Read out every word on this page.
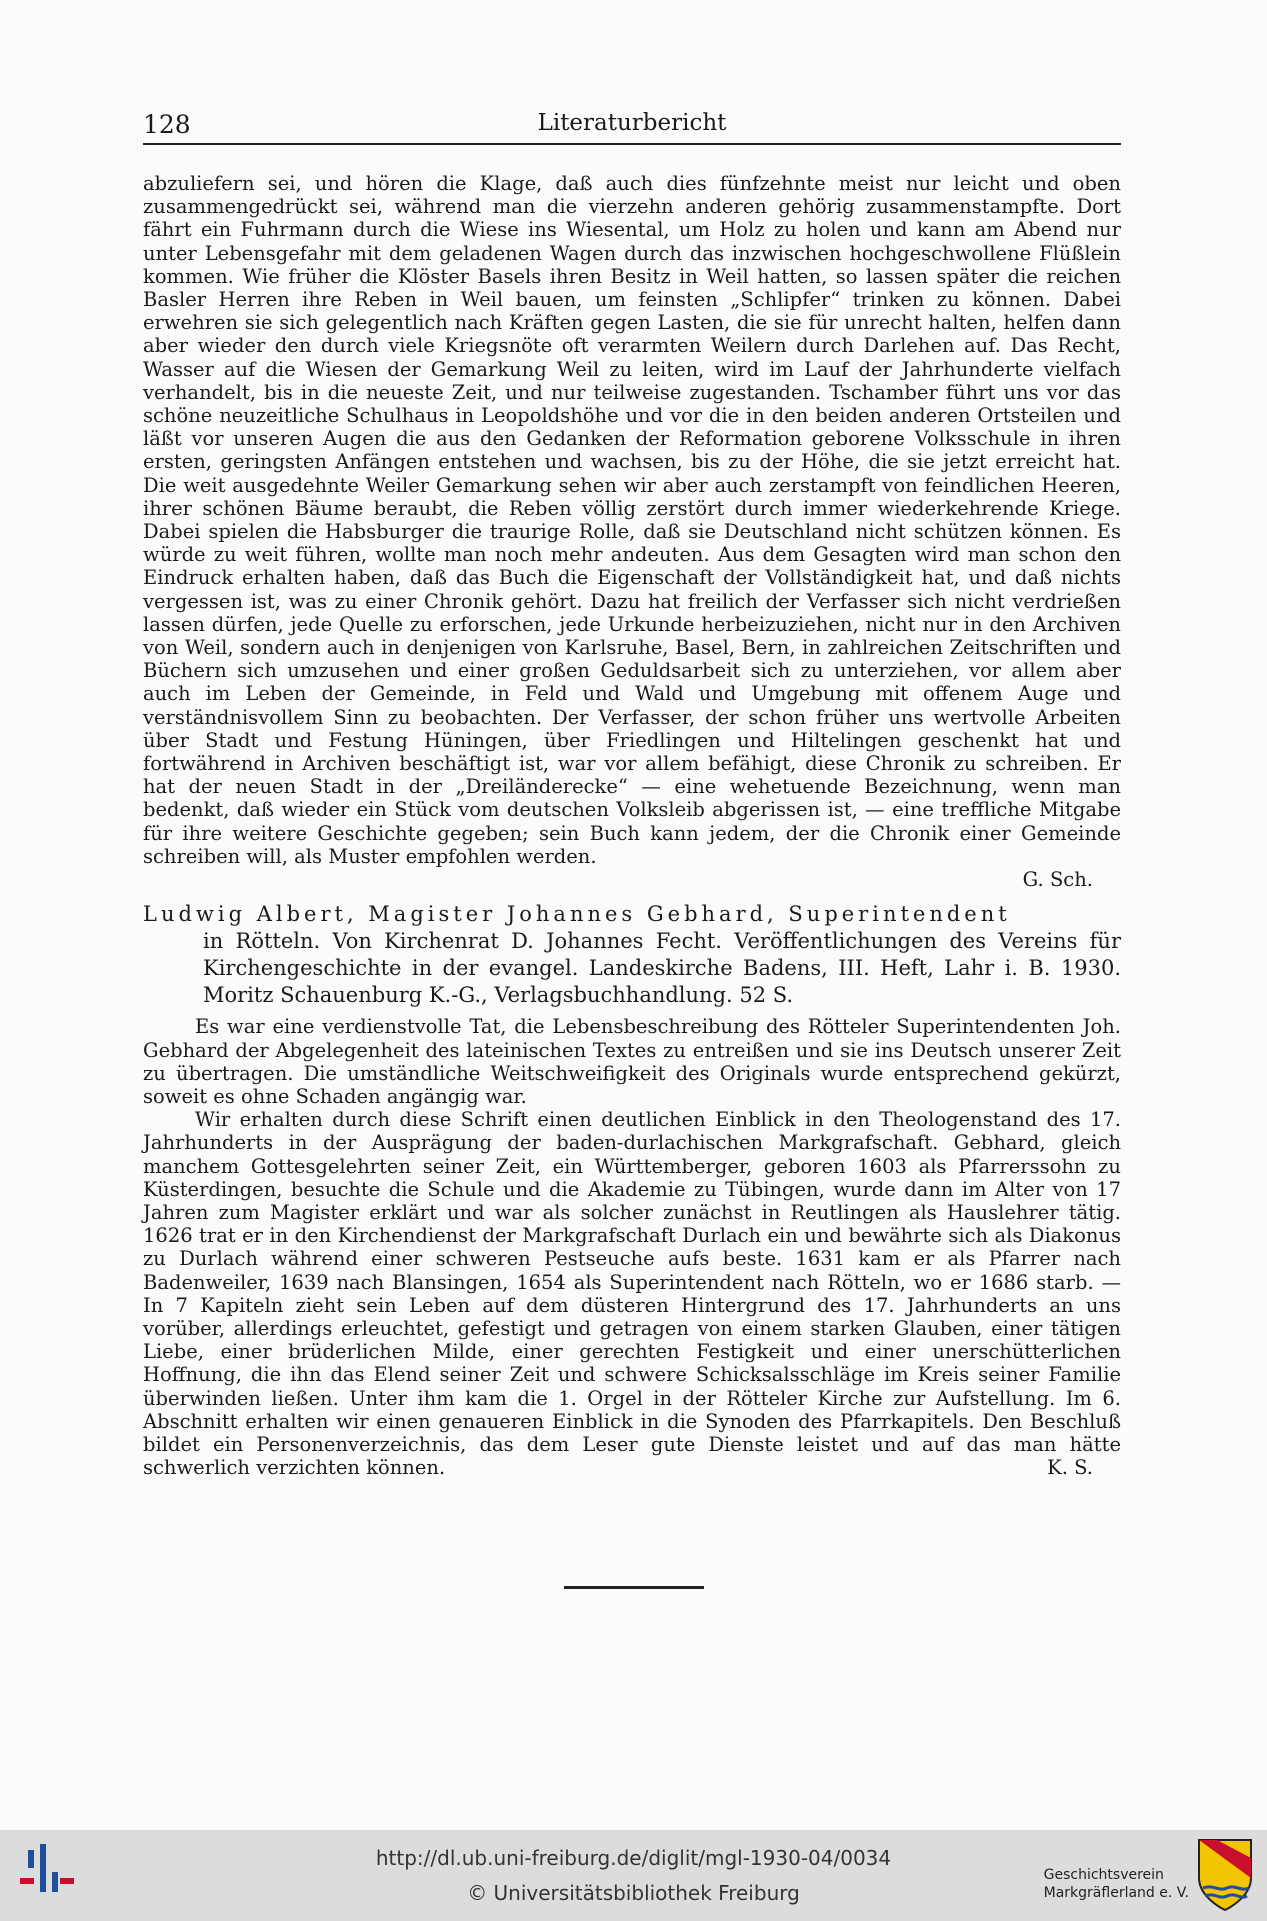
128	Literaturbericht

abzuliefern sei, und hören die Klage, daß auch dies fünfzehnte meist nur leicht und oben zusammengedrückt sei, während man die vierzehn anderen gehörig zusammenstampfte. Dort fährt ein Fuhrmann durch die Wiese ins Wiesental, um Holz zu holen und kann am Abend nur unter Lebensgefahr mit dem geladenen Wagen durch das inzwischen hochgeschwollene Flüßlein kommen. Wie früher die Klöster Basels ihren Besitz in Weil hatten, so lassen später die reichen Basler Herren ihre Reben in Weil bauen, um feinsten „Schlipfer“ trinken zu können. Dabei erwehren sie sich gelegentlich nach Kräften gegen Lasten, die sie für unrecht halten, helfen dann aber wieder den durch viele Kriegsnöte oft verarmten Weilern durch Darlehen auf. Das Recht, Wasser auf die Wiesen der Gemarkung Weil zu leiten, wird im Lauf der Jahrhunderte vielfach verhandelt, bis in die neueste Zeit, und nur teilweise zugestanden. Tschamber führt uns vor das schöne neuzeitliche Schulhaus in Leopoldshöhe und vor die in den beiden anderen Ortsteilen und läßt vor unseren Augen die aus den Gedanken der Reformation geborene Volksschule in ihren ersten, geringsten Anfängen entstehen und wachsen, bis zu der Höhe, die sie jetzt erreicht hat. Die weit ausgedehnte Weiler Gemarkung sehen wir aber auch zerstampft von feindlichen Heeren, ihrer schönen Bäume beraubt, die Reben völlig zerstört durch immer wiederkehrende Kriege. Dabei spielen die Habsburger die traurige Rolle, daß sie Deutschland nicht schützen können. Es würde zu weit führen, wollte man noch mehr andeuten. Aus dem Gesagten wird man schon den Eindruck erhalten haben, daß das Buch die Eigenschaft der Vollständigkeit hat, und daß nichts vergessen ist, was zu einer Chronik gehört. Dazu hat freilich der Verfasser sich nicht verdrießen lassen dürfen, jede Quelle zu erforschen, jede Urkunde herbeizuziehen, nicht nur in den Archiven von Weil, sondern auch in denjenigen von Karlsruhe, Basel, Bern, in zahlreichen Zeitschriften und Büchern sich umzusehen und einer großen Geduldsarbeit sich zu unterziehen, vor allem aber auch im Leben der Gemeinde, in Feld und Wald und Umgebung mit offenem Auge und verständnisvollem Sinn zu beobachten. Der Verfasser, der schon früher uns wertvolle Arbeiten über Stadt und Festung Hüningen, über Friedlingen und Hiltelingen geschenkt hat und fortwährend in Archiven beschäftigt ist, war vor allem befähigt, diese Chronik zu schreiben. Er hat der neuen Stadt in der „Dreiländerecke“ — eine wehetuende Bezeichnung, wenn man bedenkt, daß wieder ein Stück vom deutschen Volksleib abgerissen ist, — eine treffliche Mitgabe für ihre weitere Geschichte gegeben; sein Buch kann jedem, der die Chronik einer Gemeinde schreiben will, als Muster empfohlen werden.

G. Sch.

Ludwig Albert, Magister Johannes Gebhard, Superintendent

in Rötteln. Von Kirchenrat D. Johannes Fecht. Veröffentlichungen des Vereins für Kirchengeschichte in der evangel. Landeskirche Badens, III. Heft, Lahr i. B. 1930. Moritz Schauenburg K.-G., Verlagsbuchhandlung. 52 S.

Es war eine verdienstvolle Tat, die Lebensbeschreibung des Rötteler Superintendenten Joh. Gebhard der Abgelegenheit des lateinischen Textes zu entreißen und sie ins Deutsch unserer Zeit zu übertragen. Die umständliche Weitschweifigkeit des Originals wurde entsprechend gekürzt, soweit es ohne Schaden angängig war.

Wir erhalten durch diese Schrift einen deutlichen Einblick in den Theologenstand des 17. Jahrhunderts in der Ausprägung der baden-durlachischen Markgrafschaft. Gebhard, gleich manchem Gottesgelehrten seiner Zeit, ein Württemberger, geboren 1603 als Pfarrerssohn zu Küsterdingen, besuchte die Schule und die Akademie zu Tübingen, wurde dann im Alter von 17 Jahren zum Magister erklärt und war als solcher zunächst in Reutlingen als Hauslehrer tätig. 1626 trat er in den Kirchendienst der Markgrafschaft Durlach ein und bewährte sich als Diakonus zu Durlach während einer schweren Pestseuche aufs beste. 1631 kam er als Pfarrer nach Badenweiler, 1639 nach Blansingen, 1654 als Superintendent nach Rötteln, wo er 1686 starb. — In 7 Kapiteln zieht sein Leben auf dem düsteren Hintergrund des 17. Jahrhunderts an uns vorüber, allerdings erleuchtet, gefestigt und getragen von einem starken Glauben, einer tätigen Liebe, einer brüderlichen Milde, einer gerechten Festigkeit und einer unerschütterlichen Hoffnung, die ihn das Elend seiner Zeit und schwere Schicksalsschläge im Kreis seiner Familie überwinden ließen. Unter ihm kam die 1. Orgel in der Rötteler Kirche zur Aufstellung. Im 6. Abschnitt erhalten wir einen genaueren Einblick in die Synoden des Pfarrkapitels. Den Beschluß bildet ein Personenverzeichnis, das dem Leser gute Dienste leistet und auf das man hätte schwerlich verzichten können.	K. S.

http://dl.ub.uni-freiburg.de/diglit/mgl-1930-04/0034
© Universitätsbibliothek Freiburg
Geschichtsverein
Markgräflerland e. V.
